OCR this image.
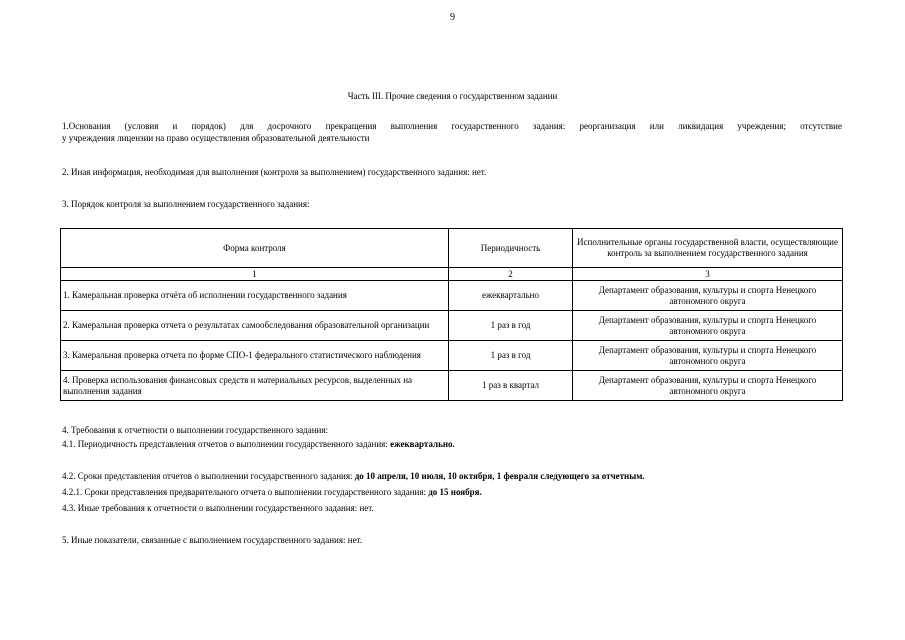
9
Часть III. Прочие сведения о государственном задании
1.Основания (условия и порядок) для досрочного прекращения выполнения государственного задания: реорганизация или ликвидация учреждения; отсутствие
у учреждения лицензии на право осуществления образовательной деятельности
2. Иная информация, необходимая для выполнения (контроля за выполнением) государственного задания: нет.
3. Порядок контроля за выполнением государственного задания:
Форма контроля	Периодичность	Исполнительные органы государственной власти, осуществляющие контроль за выполнением государственного задания
1	2	3
1. Камеральная проверка отчёта об исполнении государственного задания	ежеквартально	Департамент образования, культуры и спорта Ненецкого автономного округа
2. Камеральная проверка отчета о результатах самообследования образовательной организации	1 раз в год	Департамент образования, культуры и спорта Ненецкого автономного округа
3. Камеральная проверка отчета по форме СПО-1 федерального статистического наблюдения	1 раз в год	Департамент образования, культуры и спорта Ненецкого автономного округа
4. Проверка использования финансовых средств и материальных ресурсов, выделенных на выполнения задания	1 раз в квартал	Департамент образования, культуры и спорта Ненецкого автономного округа
4. Требования к отчетности о выполнении государственного задания:
4.1. Периодичность представления отчетов о выполнении государственного задания: ежеквартально.
4.2. Сроки представления отчетов о выполнении государственного задания: до 10 апреля, 10 июля, 10 октября, 1 февраля следующего за отчетным.
4.2.1. Сроки представления предварительного отчета о выполнении государственного задания: до 15 ноября.
4.3. Иные требования к отчетности о выполнении государственного задания: нет.
5. Иные показатели, связанные с выполнением государственного задания: нет.
